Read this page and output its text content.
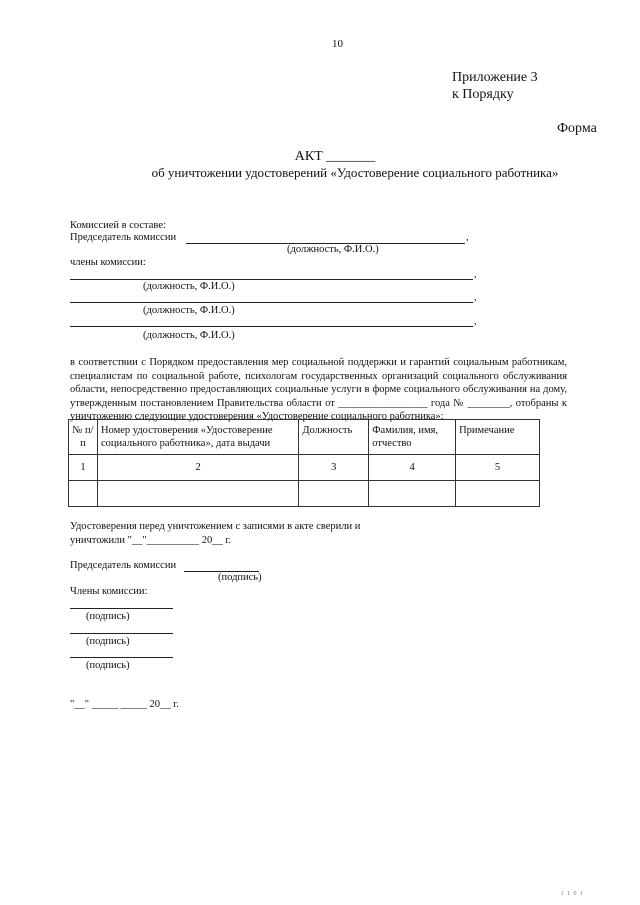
10
Приложение 3
к Порядку
Форма
АКТ _______
об уничтожении удостоверений «Удостоверение социального работника»
Комиссией в составе:
Председатель комиссии	,
(должность, Ф.И.О.)
члены комиссии:
,
(должность, Ф.И.О.)
,
(должность, Ф.И.О.)
,
(должность, Ф.И.О.)
в соответствии с Порядком предоставления мер социальной поддержки и гарантий социальным работникам, специалистам по социальной работе, психологам государственных организаций социального обслуживания области, непосредственно предоставляющих социальные услуги в форме социального обслуживания на дому, утвержденным постановлением Правительства области от _________________ года № ________, отобраны к уничтожению следующие удостоверения «Удостоверение социального работника»:
№ п/п	Номер удостоверения «Удостоверение социального работника», дата выдачи	Должность	Фамилия, имя, отчество	Примечание
1	2	3	4	5

Удостоверения перед уничтожением с записями в акте сверили и
уничтожили "__"__________ 20__ г.
Председатель комиссии
(подпись)
Члены комиссии:
(подпись)
(подпись)
(подпись)
"__" _____ _____ 20__ г.
1 1 0 1
